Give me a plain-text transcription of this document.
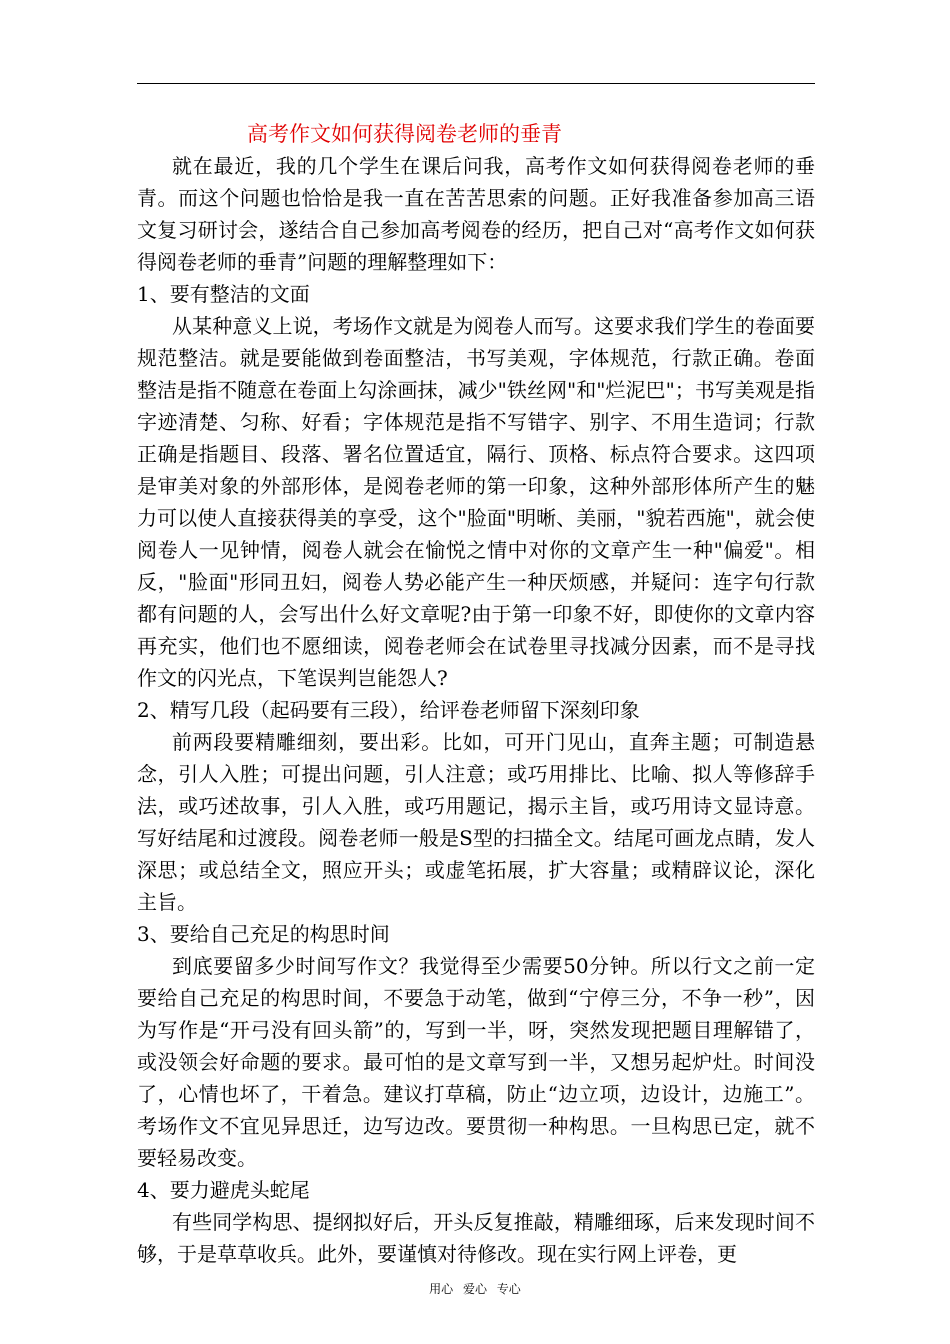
高考作文如何获得阅卷老师的垂青

就在最近，我的几个学生在课后问我，高考作文如何获得阅卷老师的垂青。而这个问题也恰恰是我一直在苦苦思索的问题。正好我准备参加高三语文复习研讨会，遂结合自己参加高考阅卷的经历，把自己对“高考作文如何获得阅卷老师的垂青”问题的理解整理如下：

1、要有整洁的文面

从某种意义上说，考场作文就是为阅卷人而写。这要求我们学生的卷面要规范整洁。就是要能做到卷面整洁，书写美观，字体规范，行款正确。卷面整洁是指不随意在卷面上勾涂画抹，减少"铁丝网"和"烂泥巴"；书写美观是指字迹清楚、匀称、好看；字体规范是指不写错字、别字、不用生造词；行款正确是指题目、段落、署名位置适宜，隔行、顶格、标点符合要求。这四项是审美对象的外部形体，是阅卷老师的第一印象，这种外部形体所产生的魅力可以使人直接获得美的享受，这个"脸面"明晰、美丽，"貌若西施"，就会使阅卷人一见钟情，阅卷人就会在愉悦之情中对你的文章产生一种"偏爱"。相反，"脸面"形同丑妇，阅卷人势必能产生一种厌烦感，并疑问：连字句行款都有问题的人，会写出什么好文章呢?由于第一印象不好，即使你的文章内容再充实，他们也不愿细读，阅卷老师会在试卷里寻找减分因素，而不是寻找作文的闪光点，下笔误判岂能怨人?

2、精写几段（起码要有三段），给评卷老师留下深刻印象

前两段要精雕细刻，要出彩。比如，可开门见山，直奔主题；可制造悬念，引人入胜；可提出问题，引人注意；或巧用排比、比喻、拟人等修辞手法，或巧述故事，引人入胜，或巧用题记，揭示主旨，或巧用诗文显诗意。写好结尾和过渡段。阅卷老师一般是S型的扫描全文。结尾可画龙点睛，发人深思；或总结全文，照应开头；或虚笔拓展，扩大容量；或精辟议论，深化主旨。

3、要给自己充足的构思时间

到底要留多少时间写作文？我觉得至少需要50分钟。所以行文之前一定要给自己充足的构思时间，不要急于动笔，做到“宁停三分，不争一秒”，因为写作是“开弓没有回头箭”的，写到一半，呀，突然发现把题目理解错了，或没领会好命题的要求。最可怕的是文章写到一半，又想另起炉灶。时间没了，心情也坏了，干着急。建议打草稿，防止“边立项，边设计，边施工”。考场作文不宜见异思迁，边写边改。要贯彻一种构思。一旦构思已定，就不要轻易改变。

4、要力避虎头蛇尾

有些同学构思、提纲拟好后，开头反复推敲，精雕细琢，后来发现时间不够，于是草草收兵。此外，要谨慎对待修改。现在实行网上评卷，更

用心 爱心 专心
